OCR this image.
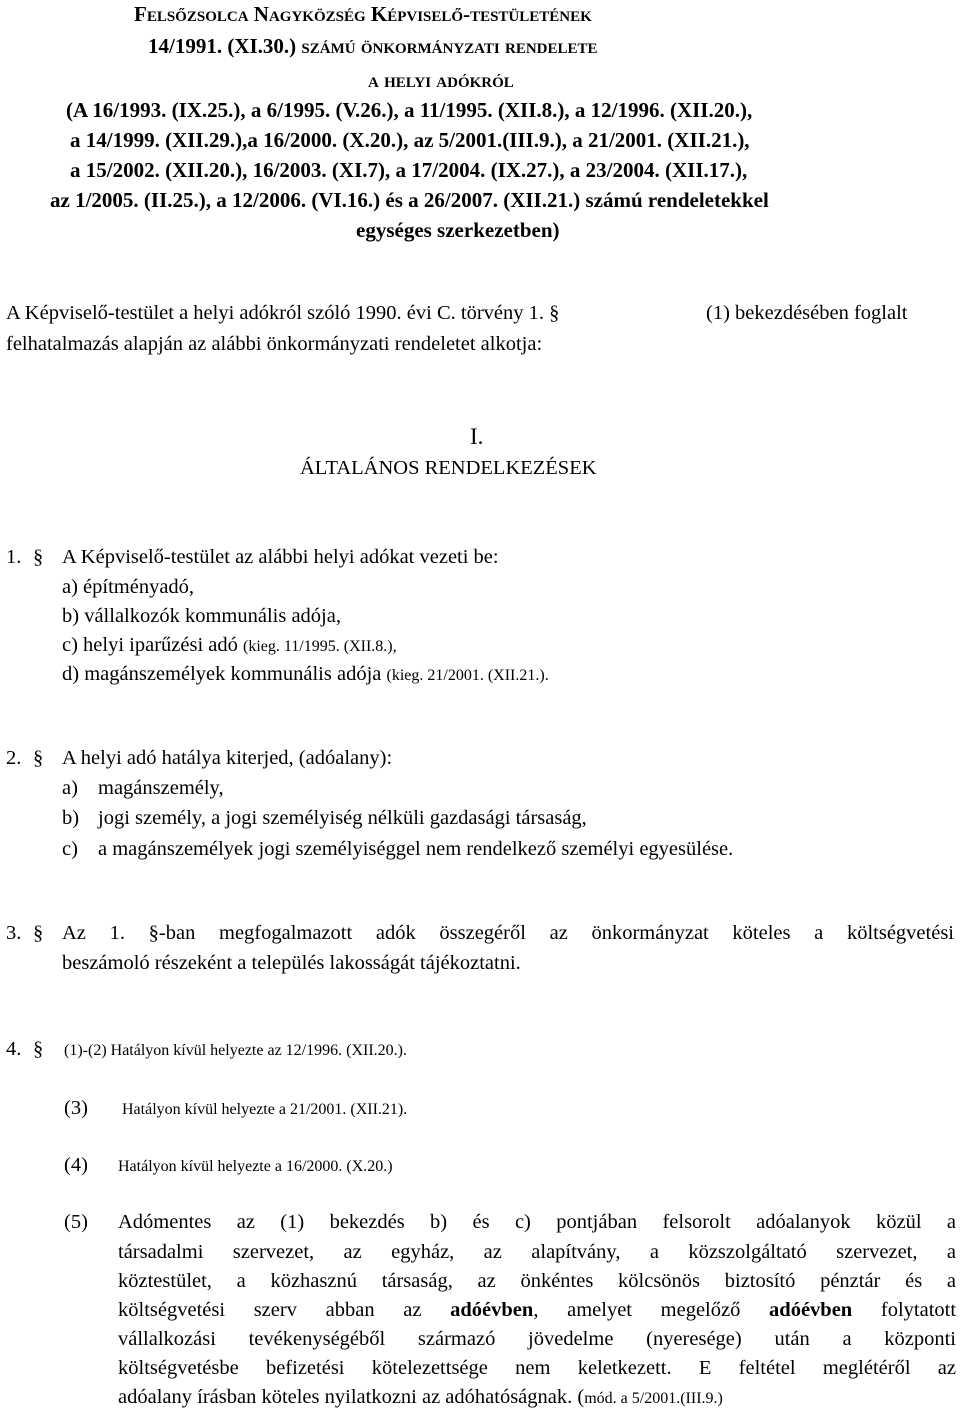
Felsőzsolca Nagyközség Képviselő-testületének
14/1991. (XI.30.) számú önkormányzati rendelete
a helyi adókról
(A 16/1993. (IX.25.), a 6/1995. (V.26.), a 11/1995. (XII.8.), a 12/1996. (XII.20.),
a 14/1999. (XII.29.),a 16/2000. (X.20.), az 5/2001.(III.9.), a 21/2001. (XII.21.),
a 15/2002. (XII.20.), 16/2003. (XI.7), a 17/2004. (IX.27.), a 23/2004. (XII.17.),
az 1/2005. (II.25.), a 12/2006. (VI.16.) és a 26/2007. (XII.21.) számú rendeletekkel
egységes szerkezetben)
A Képviselő-testület a helyi adókról szóló 1990. évi C. törvény 1. §	(1) bekezdésében foglalt
felhatalmazás alapján az alábbi önkormányzati rendeletet alkotja:
I.
ÁLTALÁNOS RENDELKEZÉSEK
1. § A Képviselő-testület az alábbi helyi adókat vezeti be:
a) építményadó,
b) vállalkozók kommunális adója,
c) helyi iparűzési adó (kieg. 11/1995. (XII.8.),
d) magánszemélyek kommunális adója (kieg. 21/2001. (XII.21.).
2. § A helyi adó hatálya kiterjed, (adóalany):
a) magánszemély,
b) jogi személy, a jogi személyiség nélküli gazdasági társaság,
c) a magánszemélyek jogi személyiséggel nem rendelkező személyi egyesülése.
3. § Az 1. §-ban megfogalmazott adók összegéről az önkormányzat köteles a költségvetési
beszámoló részeként a település lakosságát tájékoztatni.
4. § (1)-(2) Hatályon kívül helyezte az 12/1996. (XII.20.).
(3) Hatályon kívül helyezte a 21/2001. (XII.21).
(4) Hatályon kívül helyezte a 16/2000. (X.20.)
(5) Adómentes az (1) bekezdés b) és c) pontjában felsorolt adóalanyok közül a
társadalmi szervezet, az egyház, az alapítvány, a közszolgáltató szervezet, a
köztestület, a közhasznú társaság, az önkéntes kölcsönös biztosító pénztár és a
költségvetési szerv abban az adóévben, amelyet megelőző adóévben folytatott
vállalkozási tevékenységéből származó jövedelme (nyeresége) után a központi
költségvetésbe befizetési kötelezettsége nem keletkezett. E feltétel meglétéről az
adóalany írásban köteles nyilatkozni az adóhatóságnak. (mód. a 5/2001.(III.9.)
